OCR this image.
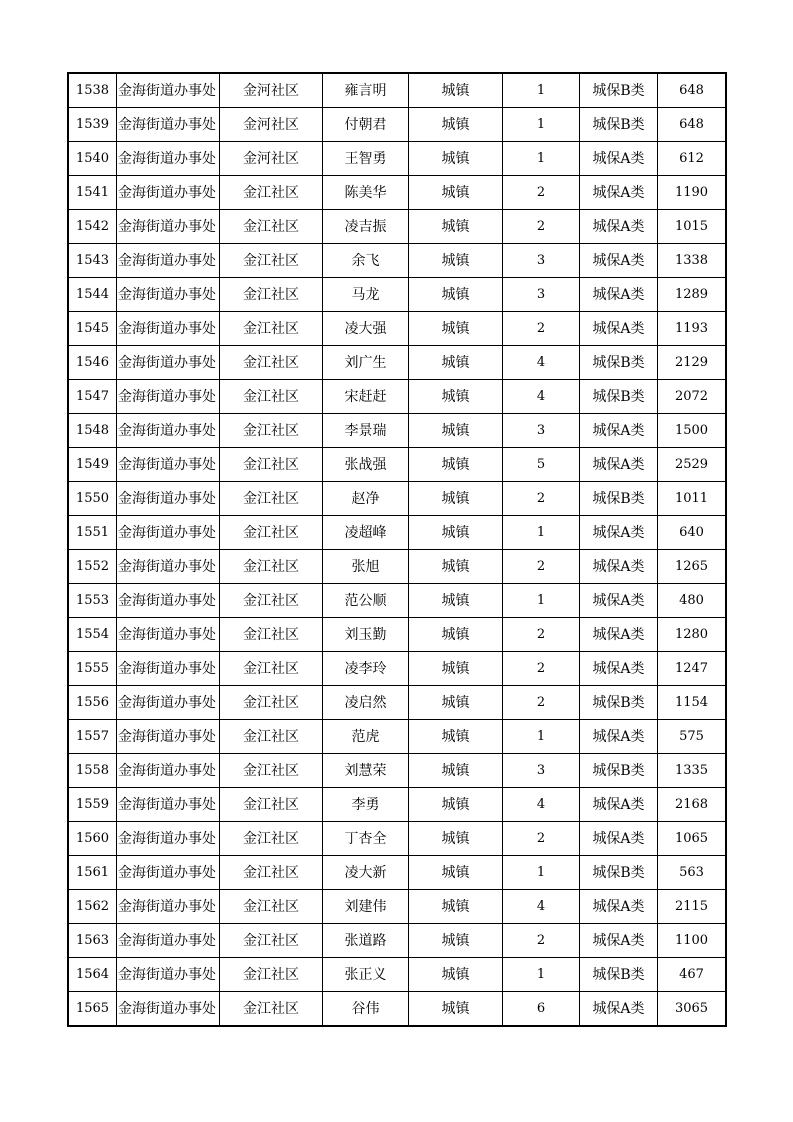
1538	金海街道办事处	金河社区	雍言明	城镇	1	城保B类	648
1539	金海街道办事处	金河社区	付朝君	城镇	1	城保B类	648
1540	金海街道办事处	金河社区	王智勇	城镇	1	城保A类	612
1541	金海街道办事处	金江社区	陈美华	城镇	2	城保A类	1190
1542	金海街道办事处	金江社区	凌吉振	城镇	2	城保A类	1015
1543	金海街道办事处	金江社区	余飞	城镇	3	城保A类	1338
1544	金海街道办事处	金江社区	马龙	城镇	3	城保A类	1289
1545	金海街道办事处	金江社区	凌大强	城镇	2	城保A类	1193
1546	金海街道办事处	金江社区	刘广生	城镇	4	城保B类	2129
1547	金海街道办事处	金江社区	宋赶赶	城镇	4	城保B类	2072
1548	金海街道办事处	金江社区	李景瑞	城镇	3	城保A类	1500
1549	金海街道办事处	金江社区	张战强	城镇	5	城保A类	2529
1550	金海街道办事处	金江社区	赵净	城镇	2	城保B类	1011
1551	金海街道办事处	金江社区	凌超峰	城镇	1	城保A类	640
1552	金海街道办事处	金江社区	张旭	城镇	2	城保A类	1265
1553	金海街道办事处	金江社区	范公顺	城镇	1	城保A类	480
1554	金海街道办事处	金江社区	刘玉勤	城镇	2	城保A类	1280
1555	金海街道办事处	金江社区	凌李玲	城镇	2	城保A类	1247
1556	金海街道办事处	金江社区	凌启然	城镇	2	城保B类	1154
1557	金海街道办事处	金江社区	范虎	城镇	1	城保A类	575
1558	金海街道办事处	金江社区	刘慧荣	城镇	3	城保B类	1335
1559	金海街道办事处	金江社区	李勇	城镇	4	城保A类	2168
1560	金海街道办事处	金江社区	丁杏全	城镇	2	城保A类	1065
1561	金海街道办事处	金江社区	凌大新	城镇	1	城保B类	563
1562	金海街道办事处	金江社区	刘建伟	城镇	4	城保A类	2115
1563	金海街道办事处	金江社区	张道路	城镇	2	城保A类	1100
1564	金海街道办事处	金江社区	张正义	城镇	1	城保B类	467
1565	金海街道办事处	金江社区	谷伟	城镇	6	城保A类	3065
